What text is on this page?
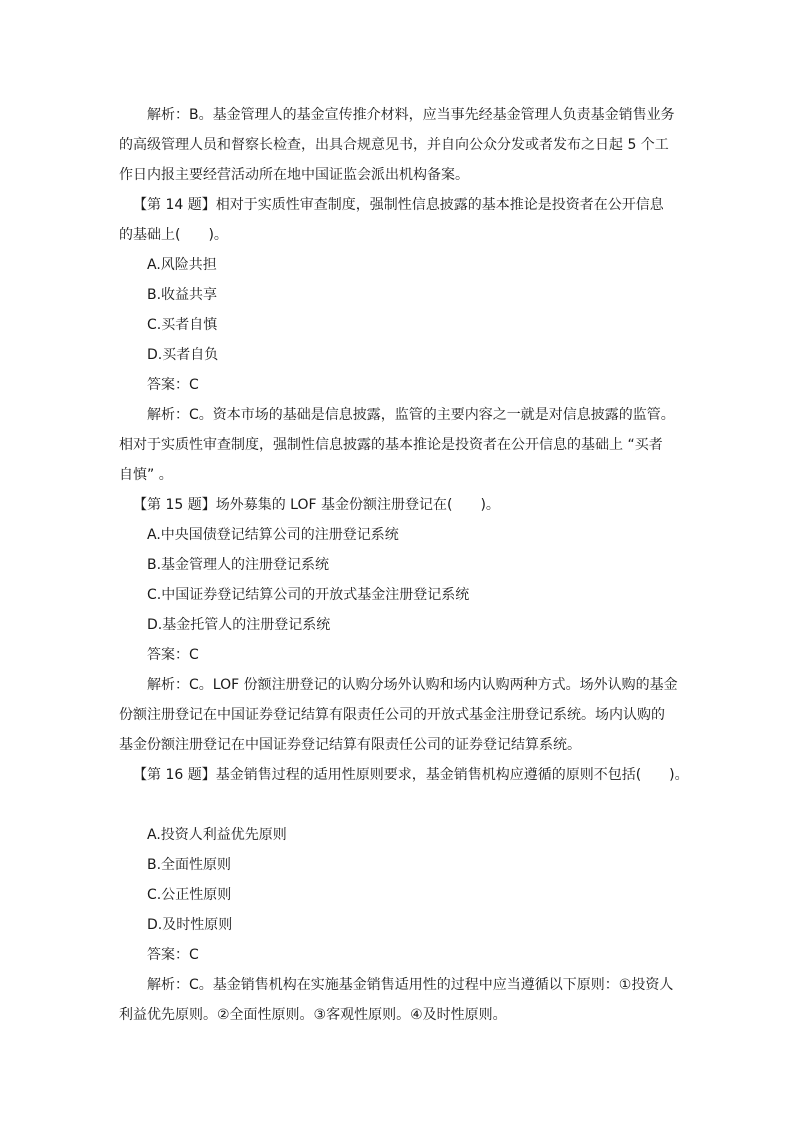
解析：B。基金管理人的基金宣传推介材料，应当事先经基金管理人负责基金销售业务

的高级管理人员和督察长检查，出具合规意见书，并自向公众分发或者发布之日起 5 个工

作日内报主要经营活动所在地中国证监会派出机构备案。

【第 14 题】相对于实质性审查制度，强制性信息披露的基本推论是投资者在公开信息

的基础上(　　)。

A.风险共担

B.收益共享

C.买者自慎

D.买者自负

答案：C

解析：C。资本市场的基础是信息披露，监管的主要内容之一就是对信息披露的监管。

相对于实质性审查制度，强制性信息披露的基本推论是投资者在公开信息的基础上 “买者

自慎” 。

【第 15 题】场外募集的 LOF 基金份额注册登记在(　　)。

A.中央国债登记结算公司的注册登记系统

B.基金管理人的注册登记系统

C.中国证券登记结算公司的开放式基金注册登记系统

D.基金托管人的注册登记系统

答案：C

解析：C。LOF 份额注册登记的认购分场外认购和场内认购两种方式。场外认购的基金

份额注册登记在中国证券登记结算有限责任公司的开放式基金注册登记系统。场内认购的

基金份额注册登记在中国证券登记结算有限责任公司的证券登记结算系统。

【第 16 题】基金销售过程的适用性原则要求，基金销售机构应遵循的原则不包括(　　)。

A.投资人利益优先原则

B.全面性原则

C.公正性原则

D.及时性原则

答案：C

解析：C。基金销售机构在实施基金销售适用性的过程中应当遵循以下原则：①投资人

利益优先原则。②全面性原则。③客观性原则。④及时性原则。
